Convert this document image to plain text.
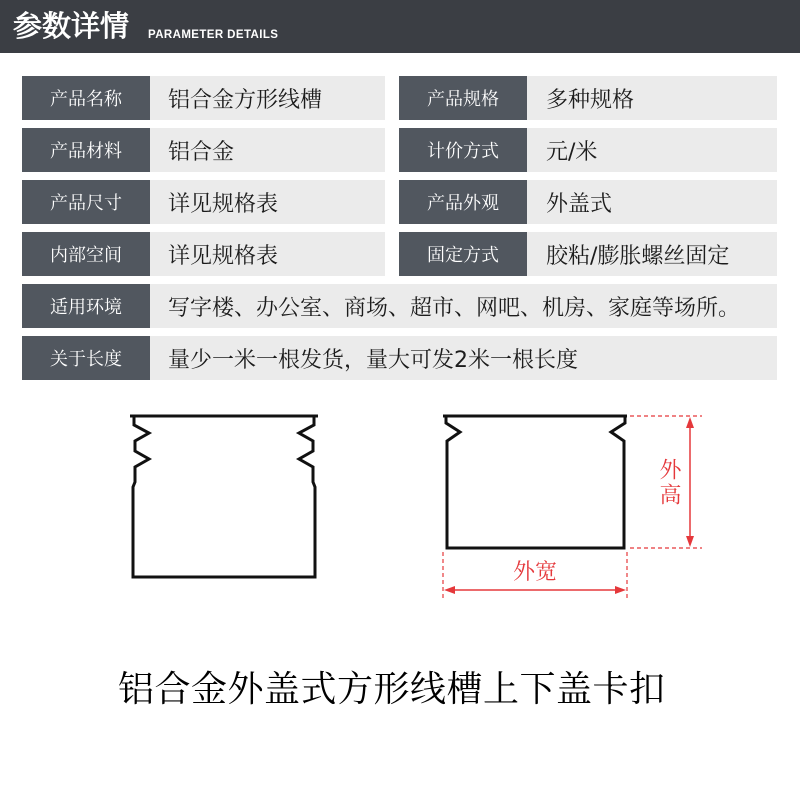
参数详情 PARAMETER DETAILS
产品名称	铝合金方形线槽	产品规格	多种规格
产品材料	铝合金	计价方式	元/米
产品尺寸	详见规格表	产品外观	外盖式
内部空间	详见规格表	固定方式	胶粘/膨胀螺丝固定
适用环境	写字楼、办公室、商场、超市、网吧、机房、家庭等场所。
关于长度	量少一米一根发货，量大可发2米一根长度
外高
外宽
铝合金外盖式方形线槽上下盖卡扣
